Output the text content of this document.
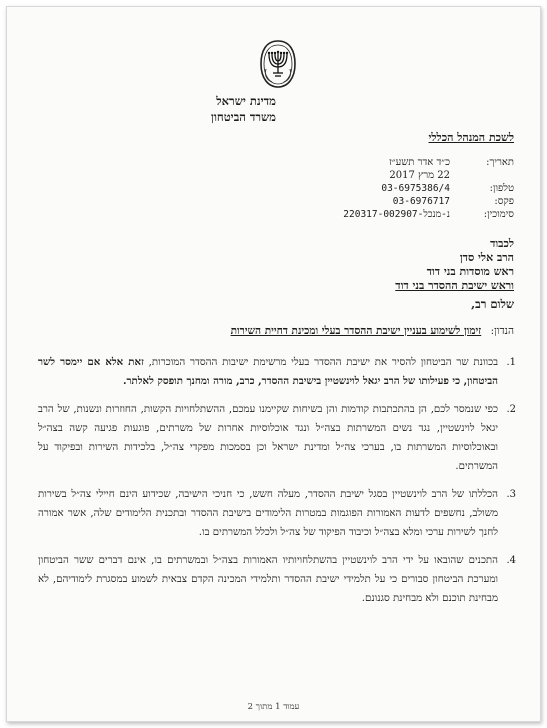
מדינת ישראל
משרד הביטחון
לשכת המנהל הכללי
תאריך:
כ״ד אדר תשע״ז
22 מרץ 2017
טלפון:
03-6975386/4
פקס:
03-6976717
סימוכין:
נ-מנכל-220317-002907
לכבוד
הרב אלי סדן
ראש מוסדות בני דוד
וראש ישיבת ההסדר בני דוד
שלום רב,
הנדון: זימון לשימוע בעניין ישיבת ההסדר בעלי ומכינת דחיית השירות
1.
בכוונת שר הביטחון להסיר את ישיבת ההסדר בעלי מרשימת ישיבות ההסדר המוכרות, זאת אלא אם יימסר לשר הביטחון, כי פעילותו של הרב יגאל לוינשטיין בישיבת ההסדר, כרב, מורה ומחנך תופסק לאלתר.
2.
כפי שנמסר לכם, הן בהתכתבות קודמות והן בשיחות שקיימנו עמכם, ההשתלחויות הקשות, החוזרות ונשנות, של הרב יגאל לוינשטיין, נגד נשים המשרתות בצה״ל ונגד אוכלוסיות אחרות של משרתים, פוגעות פגיעה קשה בצה״ל ובאוכלוסיות המשרתות בו, בערכי צה״ל ומדינת ישראל וכן בסמכות מפקדי צה״ל, בלכידות השירות ובפיקוד על המשרתים.
3.
הכללתו של הרב לוינשטיין בסגל ישיבת ההסדר, מעלה חשש, כי חניכי הישיבה, שכידוע הינם חיילי צה״ל בשירות משולב, נחשפים לדעות האמורות הפוגמות במטרות הלימודים בישיבת ההסדר ובתכנית הלימודים שלה, אשר אמורה לחנך לשירות ערכי ומלא בצה״ל וכיבוד הפיקוד של צה״ל ולכלל המשרתים בו.
4.
התכנים שהובאו על ידי הרב לוינשטיין בהשתלחויותיו האמורות בצה״ל ובמשרתים בו, אינם דברים ששר הביטחון ומערכת הביטחון סבורים כי על תלמידי ישיבת ההסדר ותלמידי המכינה הקדם צבאית לשמוע במסגרת לימודיהם, לא מבחינת תוכנם ולא מבחינת סגנונם.
עמוד 1 מתוך 2
